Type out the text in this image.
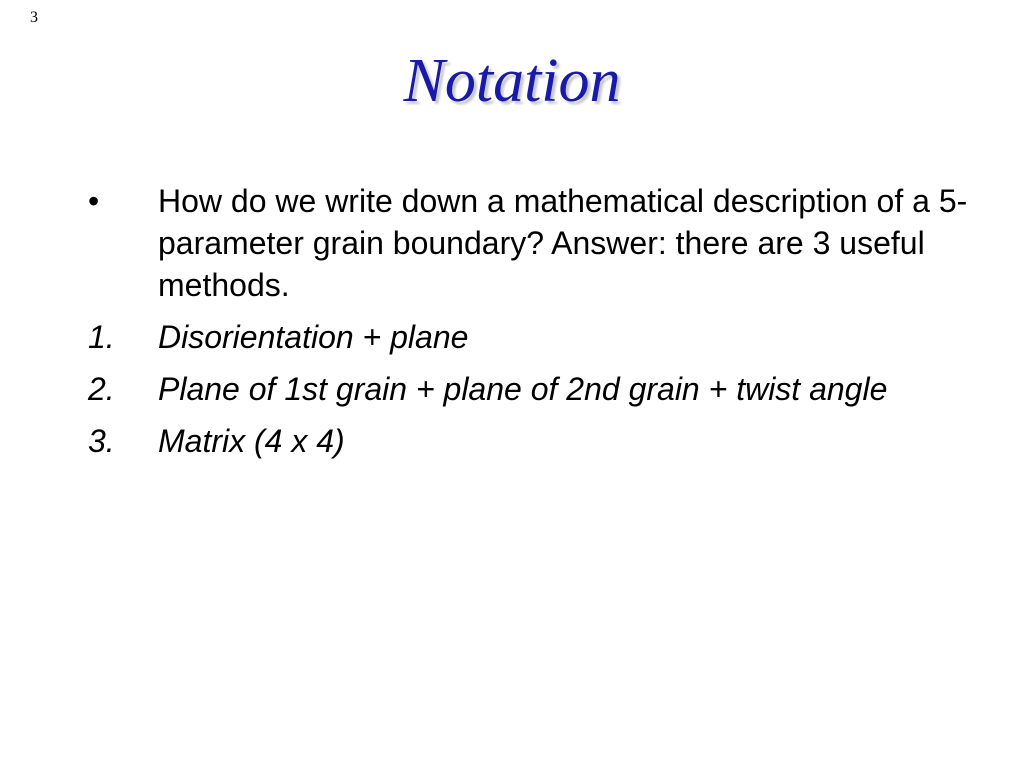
3
Notation
•	How do we write down a mathematical description of a 5-parameter grain boundary? Answer: there are 3 useful methods.
1.	Disorientation + plane
2.	Plane of 1st grain + plane of 2nd grain + twist angle
3.	Matrix (4 x 4)
